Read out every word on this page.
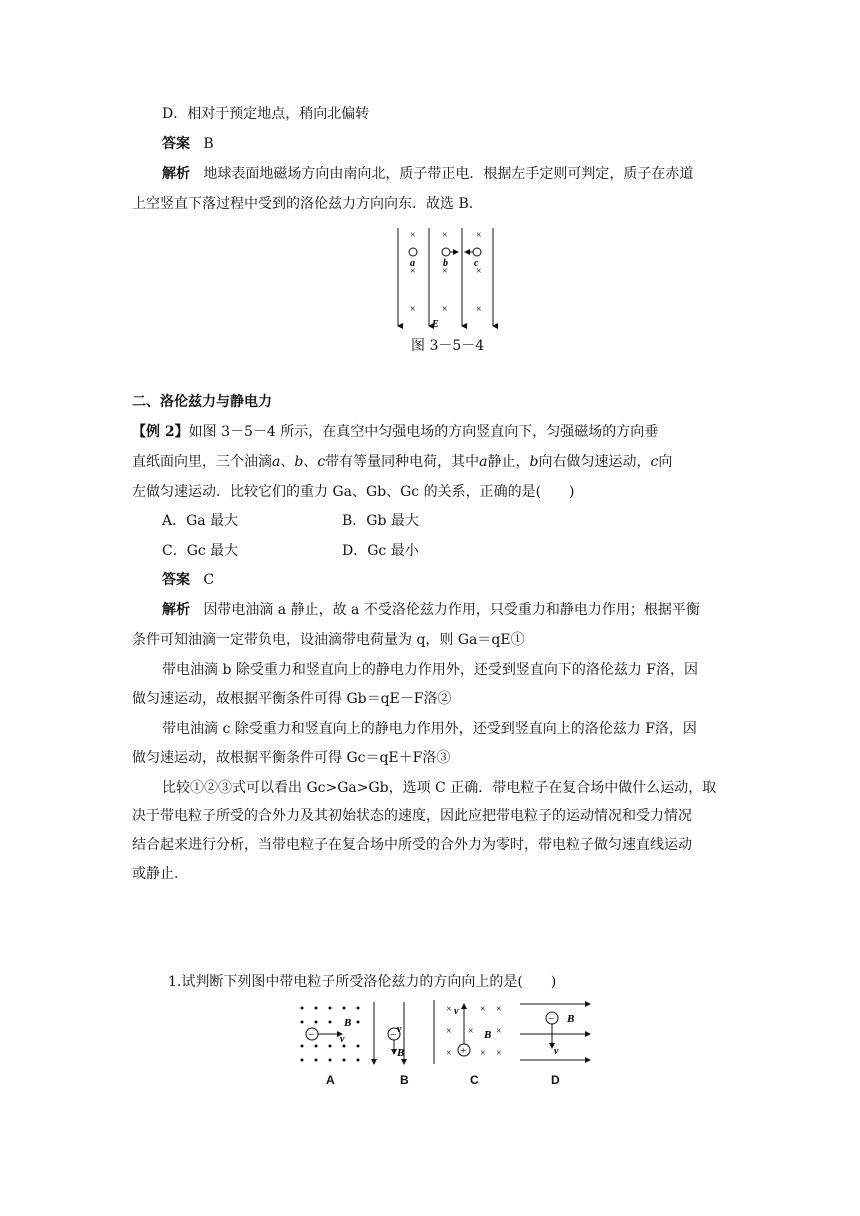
D．相对于预定地点，稍向北偏转
答案 B
解析 地球表面地磁场方向由南向北，质子带正电．根据左手定则可判定，质子在赤道
上空竖直下落过程中受到的洛伦兹力方向向东．故选 B.
×	×	×
a	b	c
×	×	×
×	×	×
E
图 3－5－4
二、洛伦兹力与静电力
【例 2】如图 3－5－4 所示，在真空中匀强电场的方向竖直向下，匀强磁场的方向垂
直纸面向里，三个油滴a、b、c带有等量同种电荷，其中a静止，b向右做匀速运动，c向
左做匀速运动．比较它们的重力 Ga、Gb、Gc 的关系，正确的是(　　)
A．Ga 最大	B．Gb 最大
C．Gc 最大	D．Gc 最小
答案 C
解析 因带电油滴 a 静止，故 a 不受洛伦兹力作用，只受重力和静电力作用；根据平衡
条件可知油滴一定带负电，设油滴带电荷量为 q，则 Ga＝qE①
带电油滴 b 除受重力和竖直向上的静电力作用外，还受到竖直向下的洛伦兹力 F洛，因
做匀速运动，故根据平衡条件可得 Gb＝qE－F洛②
带电油滴 c 除受重力和竖直向上的静电力作用外，还受到竖直向上的洛伦兹力 F洛，因
做匀速运动，故根据平衡条件可得 Gc＝qE＋F洛③
比较①②③式可以看出 Gc>Ga>Gb，选项 C 正确．带电粒子在复合场中做什么运动，取
决于带电粒子所受的合外力及其初始状态的速度，因此应把带电粒子的运动情况和受力情况
结合起来进行分析，当带电粒子在复合场中所受的合外力为零时，带电粒子做匀速直线运动
或静止.
1.试判断下列图中带电粒子所受洛伦兹力的方向向上的是(　　)
−	v
B
− v
B
×	× ×
× × ×
×	× ×
+
v
B
−
v
B
A	B	C	D
